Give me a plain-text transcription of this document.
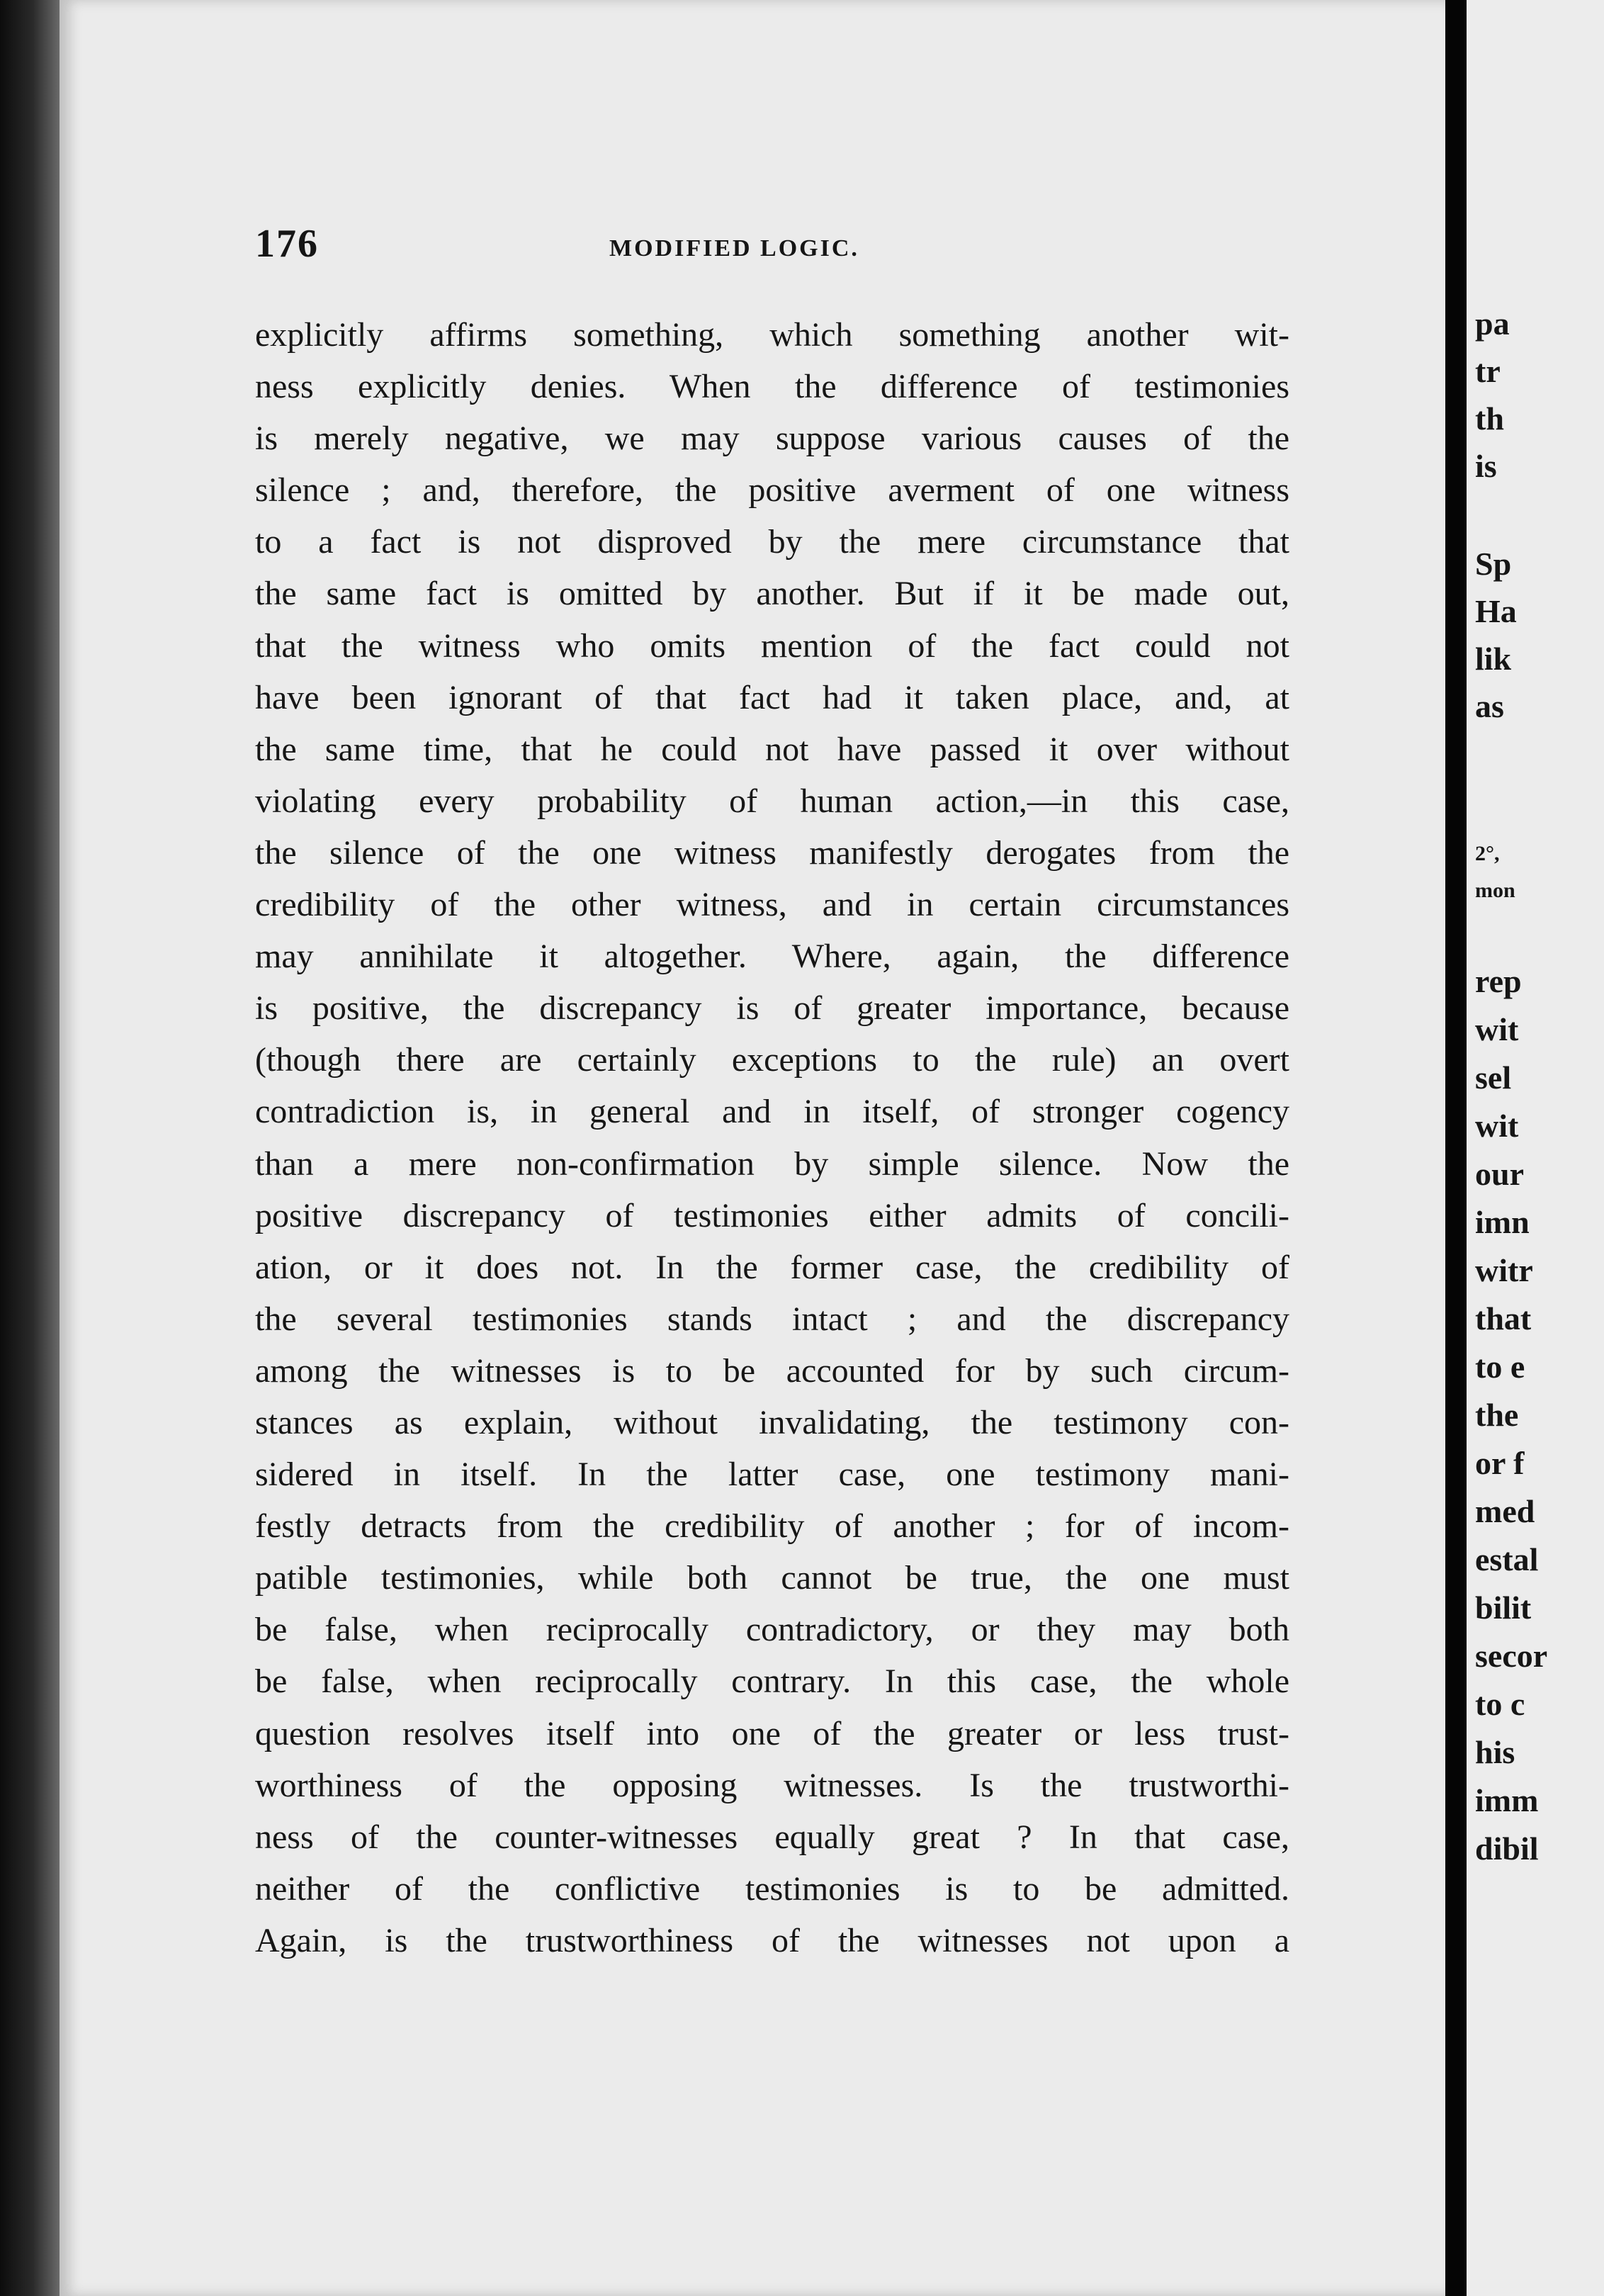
176	MODIFIED LOGIC.
explicitly affirms something, which something another wit-
ness explicitly denies. When the difference of testimonies
is merely negative, we may suppose various causes of the
silence ; and, therefore, the positive averment of one witness
to a fact is not disproved by the mere circumstance that
the same fact is omitted by another. But if it be made out,
that the witness who omits mention of the fact could not
have been ignorant of that fact had it taken place, and, at
the same time, that he could not have passed it over without
violating every probability of human action,—in this case,
the silence of the one witness manifestly derogates from the
credibility of the other witness, and in certain circumstances
may annihilate it altogether. Where, again, the difference
is positive, the discrepancy is of greater importance, because
(though there are certainly exceptions to the rule) an overt
contradiction is, in general and in itself, of stronger cogency
than a mere non-confirmation by simple silence. Now the
positive discrepancy of testimonies either admits of concili-
ation, or it does not. In the former case, the credibility of
the several testimonies stands intact ; and the discrepancy
among the witnesses is to be accounted for by such circum-
stances as explain, without invalidating, the testimony con-
sidered in itself. In the latter case, one testimony mani-
festly detracts from the credibility of another ; for of incom-
patible testimonies, while both cannot be true, the one must
be false, when reciprocally contradictory, or they may both
be false, when reciprocally contrary. In this case, the whole
question resolves itself into one of the greater or less trust-
worthiness of the opposing witnesses. Is the trustworthi-
ness of the counter-witnesses equally great ? In that case,
neither of the conflictive testimonies is to be admitted.
Again, is the trustworthiness of the witnesses not upon a
pa
tr
th
is
Sp
Ha
lik
as
2°,
mon
rep
wit
sel
wit
our
imn
witr
that
to e
the
or f
med
estal
bilit
secor
to c
his
imm
dibil
